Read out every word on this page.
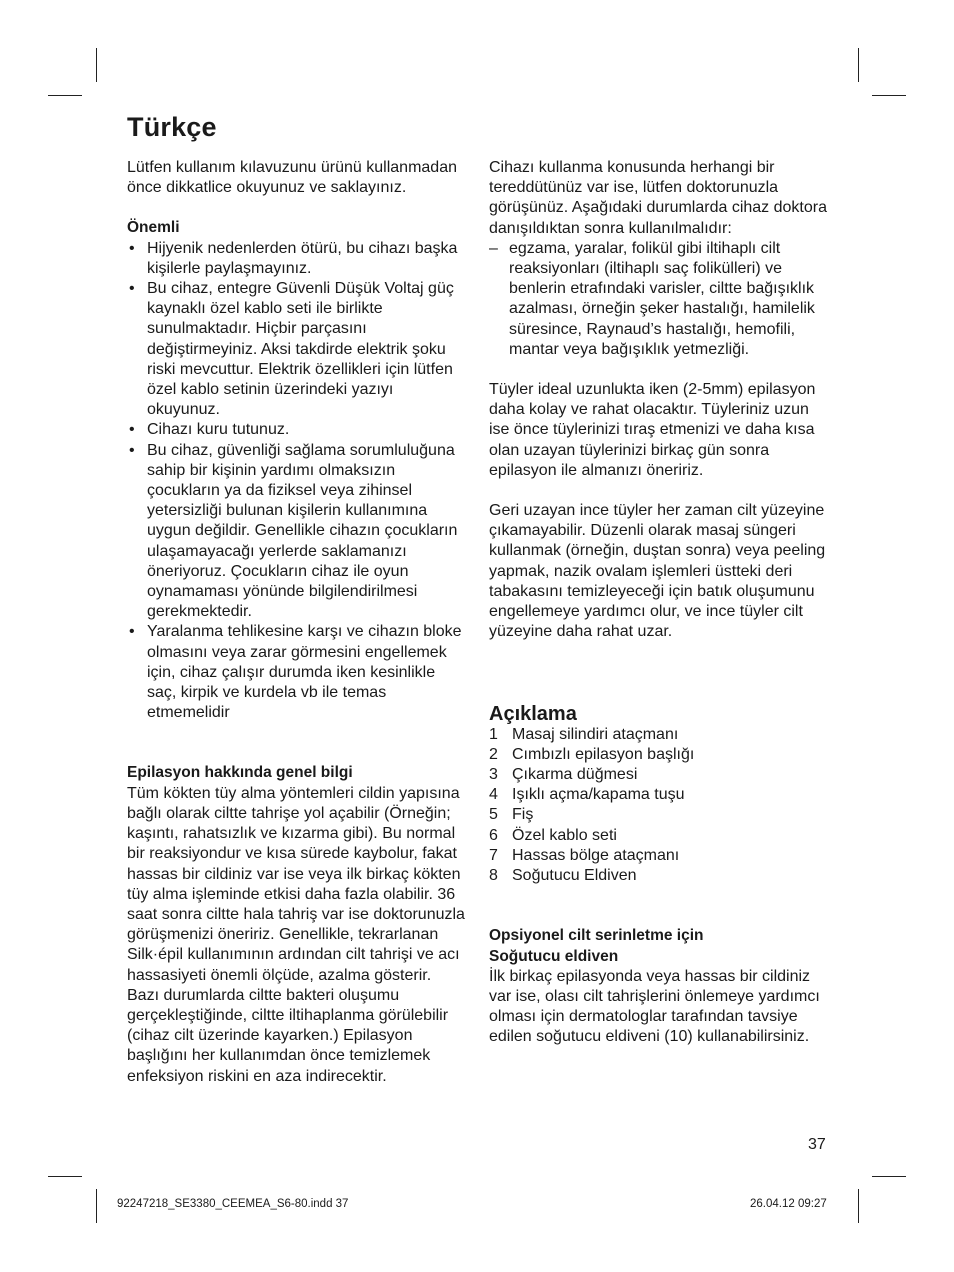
Türkçe

Lütfen kullanım kılavuzunu ürünü kullanmadan önce dikkatlice okuyunuz ve saklayınız.

Önemli

• Hijyenik nedenlerden ötürü, bu cihazı başka kişilerle paylaşmayınız.
• Bu cihaz, entegre Güvenli Düşük Voltaj güç kaynaklı özel kablo seti ile birlikte sunulmaktadır. Hiçbir parçasını değiştirmeyiniz. Aksi takdirde elektrik şoku riski mevcuttur. Elektrik özellikleri için lütfen özel kablo setinin üzerindeki yazıyı okuyunuz.
• Cihazı kuru tutunuz.
• Bu cihaz, güvenliği sağlama sorumluluğuna sahip bir kişinin yardımı olmaksızın çocukların ya da fiziksel veya zihinsel yetersizliği bulunan kişilerin kullanımına uygun değildir. Genellikle cihazın çocukların ulaşamayacağı yerlerde saklamanızı öneriyoruz. Çocukların cihaz ile oyun oynamaması yönünde bilgilendirilmesi gerekmektedir.
• Yaralanma tehlikesine karşı ve cihazın bloke olmasını veya zarar görmesini engellemek için, cihaz çalışır durumda iken kesinlikle saç, kirpik ve kurdela vb ile temas etmemelidir

Epilasyon hakkında genel bilgi

Tüm kökten tüy alma yöntemleri cildin yapısına bağlı olarak ciltte tahrişe yol açabilir (Örneğin; kaşıntı, rahatsızlık ve kızarma gibi). Bu normal bir reaksiyondur ve kısa sürede kaybolur, fakat hassas bir cildiniz var ise veya ilk birkaç kökten tüy alma işleminde etkisi daha fazla olabilir. 36 saat sonra ciltte hala tahriş var ise doktorunuzla görüşmenizi öneririz. Genellikle, tekrarlanan Silk·épil kullanımının ardından cilt tahrişi ve acı hassasiyeti önemli ölçüde, azalma gösterir. Bazı durumlarda ciltte bakteri oluşumu gerçekleştiğinde, ciltte iltihaplanma görülebilir (cihaz cilt üzerinde kayarken.) Epilasyon başlığını her kullanımdan önce temizlemek enfeksiyon riskini en aza indirecektir.

Cihazı kullanma konusunda herhangi bir tereddütünüz var ise, lütfen doktorunuzla görüşünüz. Aşağıdaki durumlarda cihaz doktora danışıldıktan sonra kullanılmalıdır:

– egzama, yaralar, folikül gibi iltihaplı cilt reaksiyonları (iltihaplı saç folikülleri) ve benlerin etrafındaki varisler, ciltte bağışıklık azalması, örneğin şeker hastalığı, hamilelik süresince, Raynaud’s hastalığı, hemofili, mantar veya bağışıklık yetmezliği.

Tüyler ideal uzunlukta iken (2-5mm) epilasyon daha kolay ve rahat olacaktır. Tüyleriniz uzun ise önce tüylerinizi tıraş etmenizi ve daha kısa olan uzayan tüylerinizi birkaç gün sonra epilasyon ile almanızı öneririz.

Geri uzayan ince tüyler her zaman cilt yüzeyine çıkamayabilir. Düzenli olarak masaj süngeri kullanmak (örneğin, duştan sonra) veya peeling yapmak, nazik ovalam işlemleri üstteki deri tabakasını temizleyeceği için batık oluşumunu engellemeye yardımcı olur, ve ince tüyler cilt yüzeyine daha rahat uzar.

Açıklama
1 Masaj silindiri ataçmanı
2 Cımbızlı epilasyon başlığı
3 Çıkarma düğmesi
4 Işıklı açma/kapama tuşu
5 Fiş
6 Özel kablo seti
7 Hassas bölge ataçmanı
8 Soğutucu Eldiven

Opsiyonel cilt serinletme için
Soğutucu eldiven

İlk birkaç epilasyonda veya hassas bir cildiniz var ise, olası cilt tahrişlerini önlemeye yardımcı olması için dermatologlar tarafından tavsiye edilen soğutucu eldiveni (10) kullanabilirsiniz.

37
92247218_SE3380_CEEMEA_S6-80.indd 37	26.04.12 09:27
